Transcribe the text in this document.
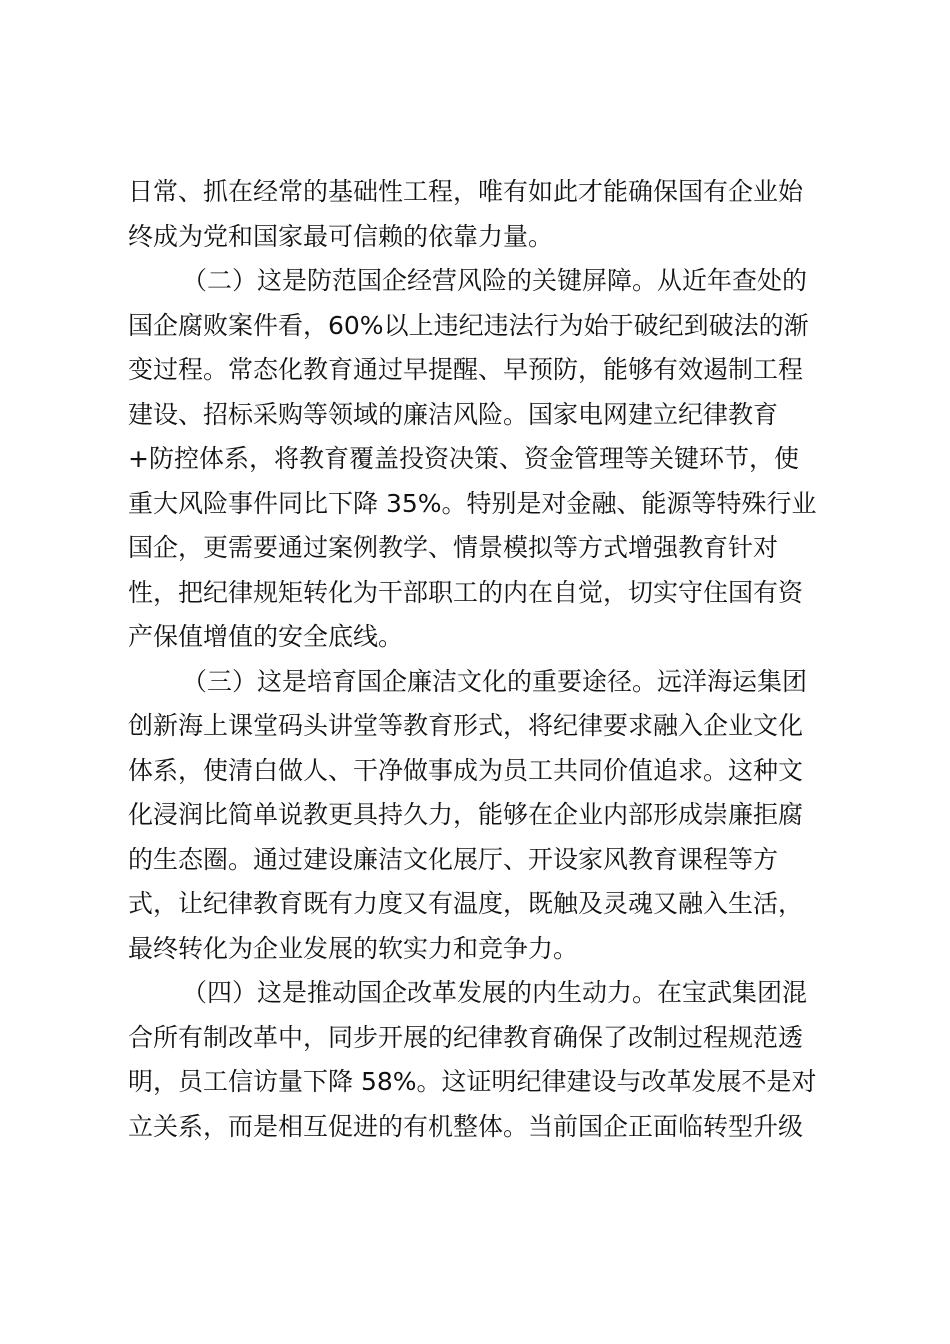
日常、抓在经常的基础性工程，唯有如此才能确保国有企业始
终成为党和国家最可信赖的依靠力量。
（二）这是防范国企经营风险的关键屏障。从近年查处的
国企腐败案件看，60%以上违纪违法行为始于破纪到破法的渐
变过程。常态化教育通过早提醒、早预防，能够有效遏制工程
建设、招标采购等领域的廉洁风险。国家电网建立纪律教育
+防控体系，将教育覆盖投资决策、资金管理等关键环节，使
重大风险事件同比下降 35%。特别是对金融、能源等特殊行业
国企，更需要通过案例教学、情景模拟等方式增强教育针对
性，把纪律规矩转化为干部职工的内在自觉，切实守住国有资
产保值增值的安全底线。
（三）这是培育国企廉洁文化的重要途径。远洋海运集团
创新海上课堂码头讲堂等教育形式，将纪律要求融入企业文化
体系，使清白做人、干净做事成为员工共同价值追求。这种文
化浸润比简单说教更具持久力，能够在企业内部形成崇廉拒腐
的生态圈。通过建设廉洁文化展厅、开设家风教育课程等方
式，让纪律教育既有力度又有温度，既触及灵魂又融入生活，
最终转化为企业发展的软实力和竞争力。
（四）这是推动国企改革发展的内生动力。在宝武集团混
合所有制改革中，同步开展的纪律教育确保了改制过程规范透
明，员工信访量下降 58%。这证明纪律建设与改革发展不是对
立关系，而是相互促进的有机整体。当前国企正面临转型升级
